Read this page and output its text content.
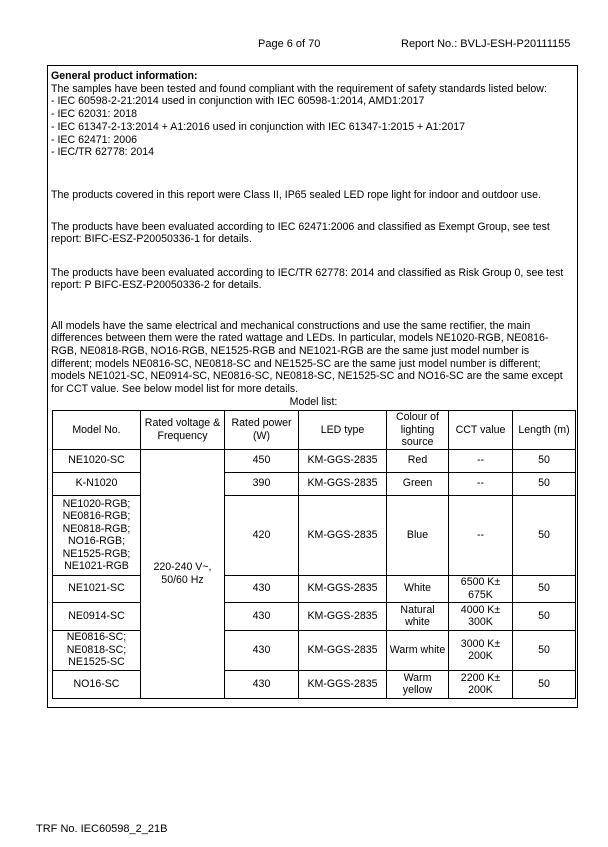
Page 6 of 70	Report No.: BVLJ-ESH-P20111155

General product information:

The samples have been tested and found compliant with the requirement of safety standards listed below:

- IEC 60598-2-21:2014 used in conjunction with IEC 60598-1:2014, AMD1:2017
- IEC 62031: 2018
- IEC 61347-2-13:2014 + A1:2016 used in conjunction with IEC 61347-1:2015 + A1:2017
- IEC 62471: 2006
- IEC/TR 62778: 2014

The products covered in this report were Class II, IP65 sealed LED rope light for indoor and outdoor use.

The products have been evaluated according to IEC 62471:2006 and classified as Exempt Group, see test report: BIFC-ESZ-P20050336-1 for details.

The products have been evaluated according to IEC/TR 62778: 2014 and classified as Risk Group 0, see test report: P BIFC-ESZ-P20050336-2 for details.

All models have the same electrical and mechanical constructions and use the same rectifier, the main differences between them were the rated wattage and LEDs. In particular, models NE1020-RGB, NE0816-RGB, NE0818-RGB, NO16-RGB, NE1525-RGB and NE1021-RGB are the same just model number is different; models NE0816-SC, NE0818-SC and NE1525-SC are the same just model number is different; models NE1021-SC, NE0914-SC, NE0816-SC, NE0818-SC, NE1525-SC and NO16-SC are the same except for CCT value. See below model list for more details.

Model list:
Model No.	Rated voltage & Frequency	Rated power (W)	LED type	Colour of lighting source	CCT value	Length (m)
NE1020-SC	220-240 V~, 50/60 Hz	450	KM-GGS-2835	Red	--	50
K-N1020		390	KM-GGS-2835	Green	--	50
NE1020-RGB; NE0816-RGB; NE0818-RGB; NO16-RGB; NE1525-RGB; NE1021-RGB		420	KM-GGS-2835	Blue	--	50
NE1021-SC		430	KM-GGS-2835	White	6500 K± 675K	50
NE0914-SC		430	KM-GGS-2835	Natural white	4000 K± 300K	50
NE0816-SC; NE0818-SC; NE1525-SC		430	KM-GGS-2835	Warm white	3000 K± 200K	50
NO16-SC		430	KM-GGS-2835	Warm yellow	2200 K± 200K	50
TRF No. IEC60598_2_21B
